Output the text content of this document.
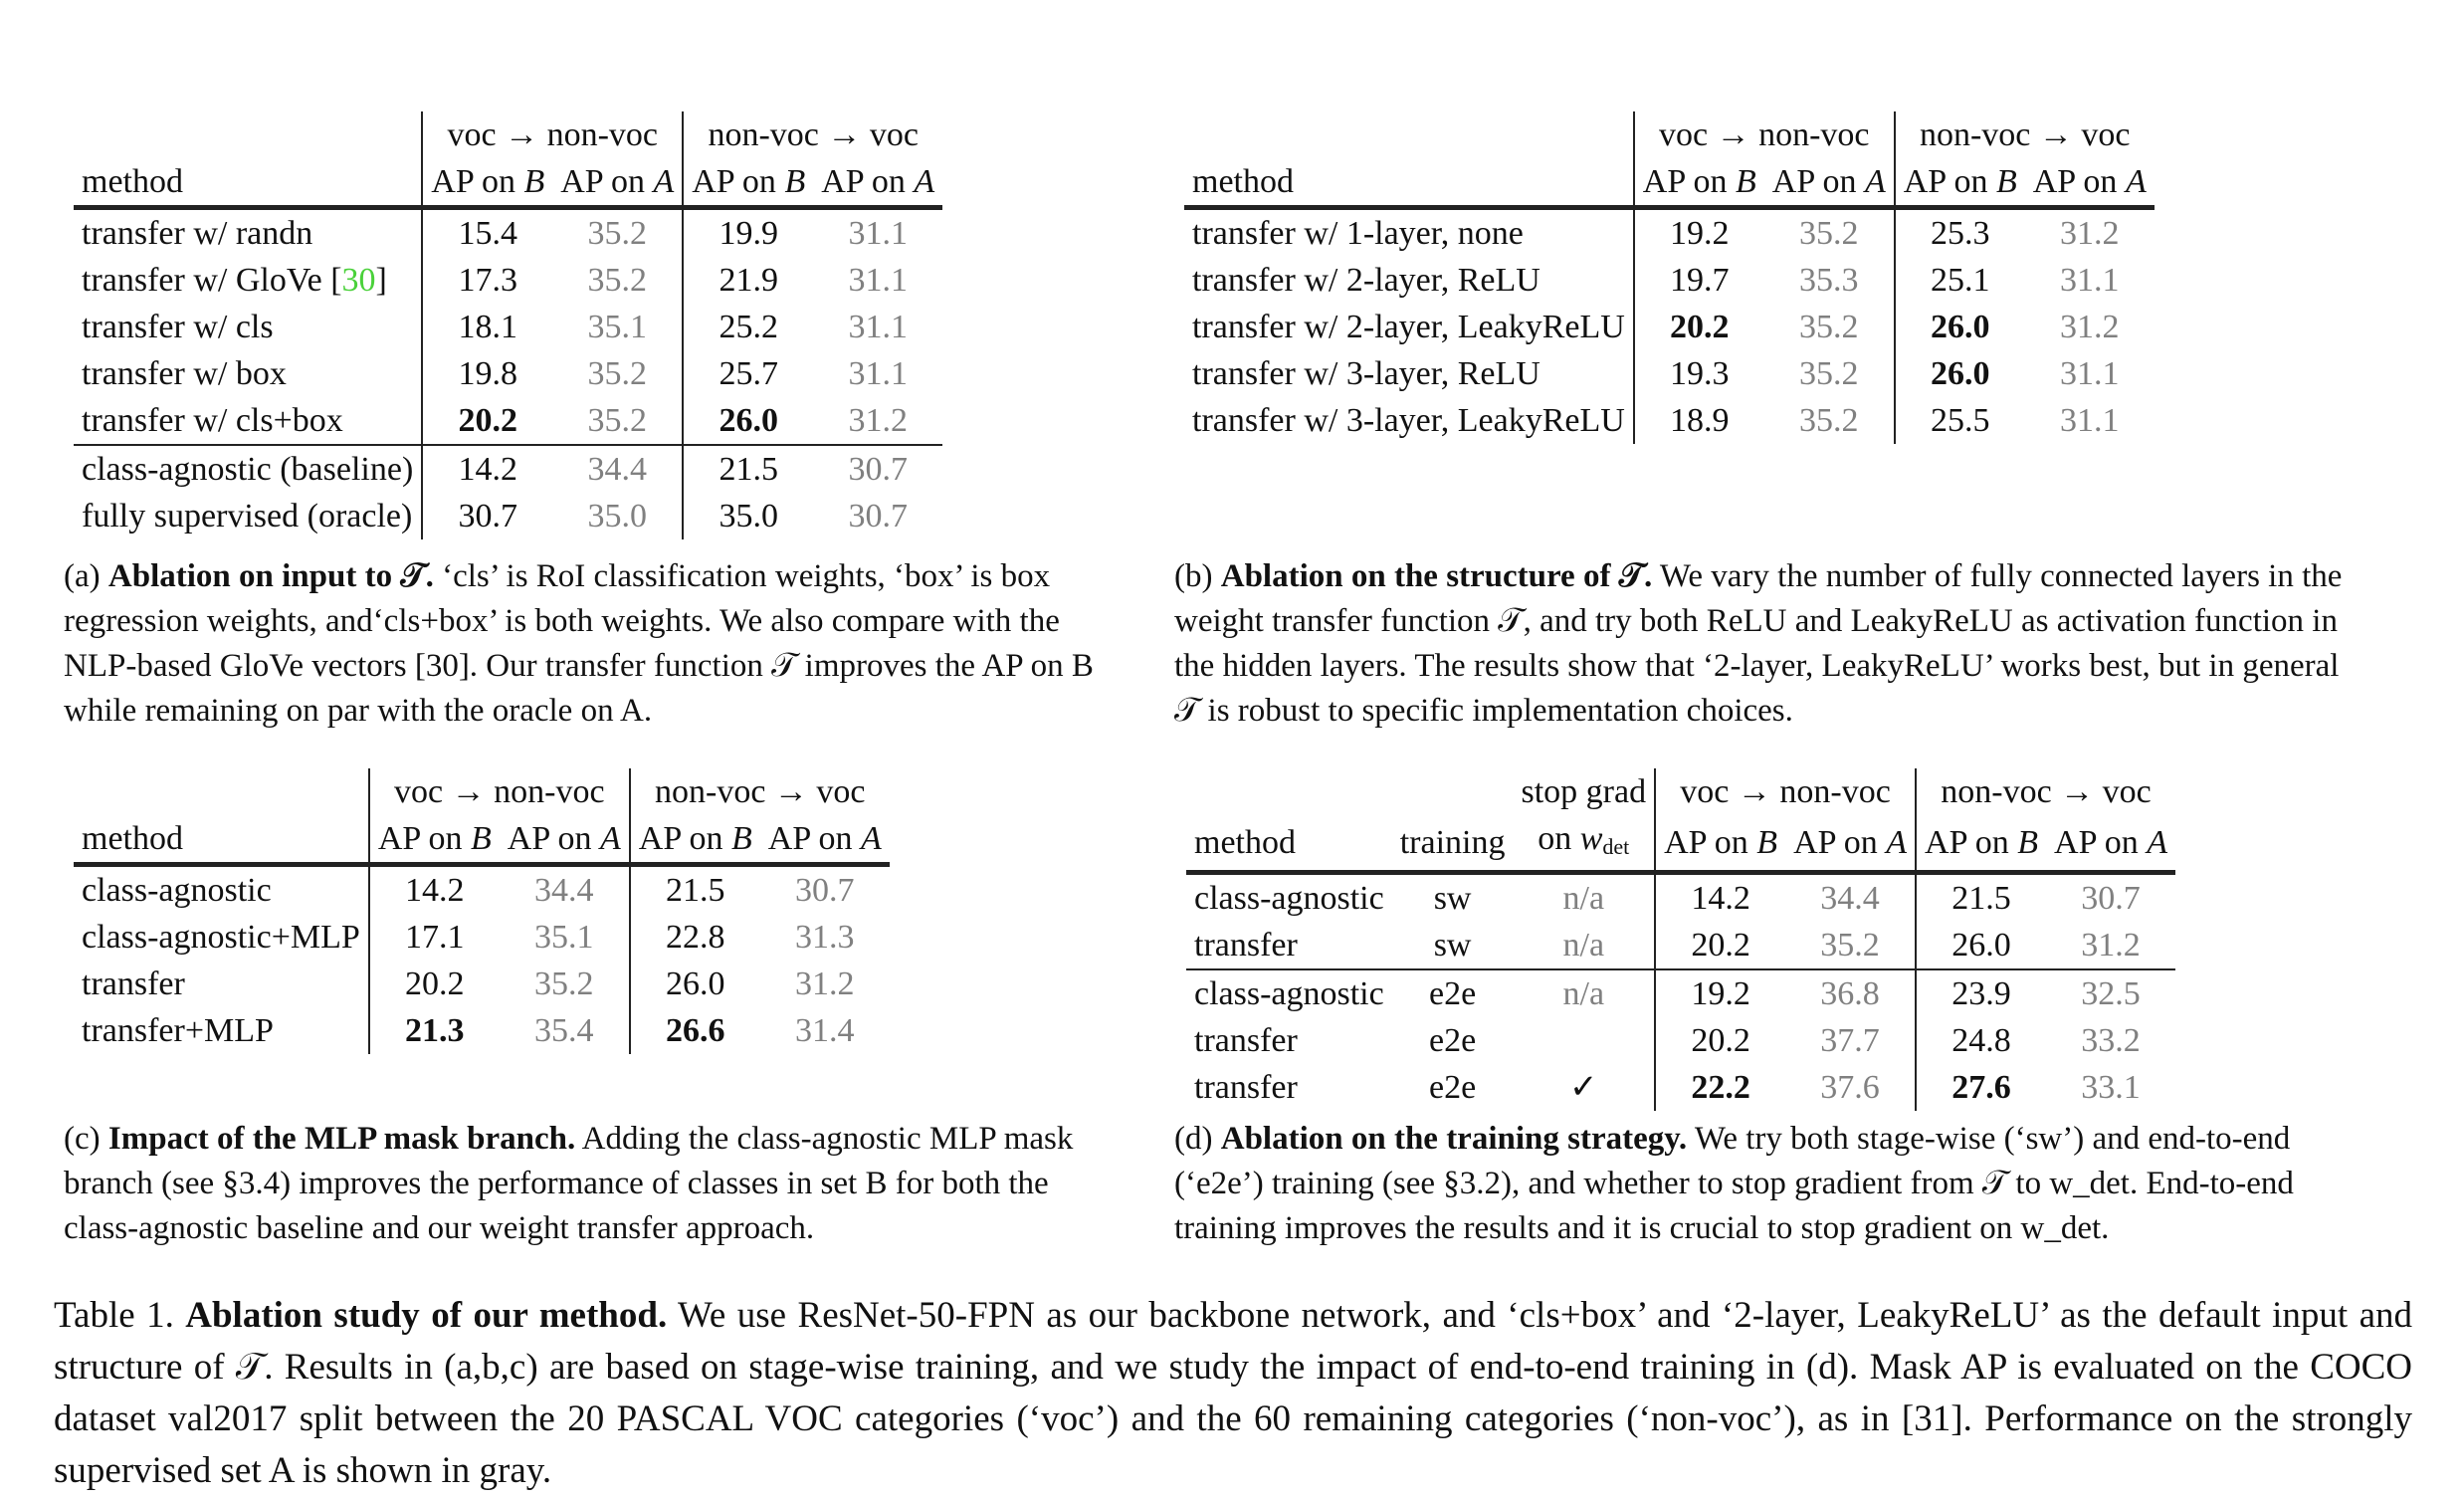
	voc → non-voc		non-voc → voc	
method	AP on B	AP on A	AP on B	AP on A
transfer w/ randn	15.4	35.2	19.9	31.1
transfer w/ GloVe [30]	17.3	35.2	21.9	31.1
transfer w/ cls	18.1	35.1	25.2	31.1
transfer w/ box	19.8	35.2	25.7	31.1
transfer w/ cls+box	20.2	35.2	26.0	31.2
class-agnostic (baseline)	14.2	34.4	21.5	30.7
fully supervised (oracle)	30.7	35.0	35.0	30.7
(a) Ablation on input to 𝒯. ‘cls’ is RoI classification weights, ‘box’ is box regression weights, and‘cls+box’ is both weights. We also compare with the NLP-based GloVe vectors [30]. Our transfer function 𝒯 improves the AP on B while remaining on par with the oracle on A.
	voc → non-voc		non-voc → voc	
method	AP on B	AP on A	AP on B	AP on A
transfer w/ 1-layer, none	19.2	35.2	25.3	31.2
transfer w/ 2-layer, ReLU	19.7	35.3	25.1	31.1
transfer w/ 2-layer, LeakyReLU	20.2	35.2	26.0	31.2
transfer w/ 3-layer, ReLU	19.3	35.2	26.0	31.1
transfer w/ 3-layer, LeakyReLU	18.9	35.2	25.5	31.1
(b) Ablation on the structure of 𝒯. We vary the number of fully connected layers in the weight transfer function 𝒯, and try both ReLU and LeakyReLU as activation function in the hidden layers. The results show that ‘2-layer, LeakyReLU’ works best, but in general 𝒯 is robust to specific implementation choices.
	voc → non-voc		non-voc → voc	
method	AP on B	AP on A	AP on B	AP on A
class-agnostic	14.2	34.4	21.5	30.7
class-agnostic+MLP	17.1	35.1	22.8	31.3
transfer	20.2	35.2	26.0	31.2
transfer+MLP	21.3	35.4	26.6	31.4
(c) Impact of the MLP mask branch. Adding the class-agnostic MLP mask branch (see §3.4) improves the performance of classes in set B for both the class-agnostic baseline and our weight transfer approach.
		stop grad	voc → non-voc		non-voc → voc	
method	training	on $w_{det}$	AP on B	AP on A	AP on B	AP on A
class-agnostic	sw	n/a	14.2	34.4	21.5	30.7
transfer	sw	n/a	20.2	35.2	26.0	31.2
class-agnostic	e2e	n/a	19.2	36.8	23.9	32.5
transfer	e2e		20.2	37.7	24.8	33.2
transfer	e2e	✓	22.2	37.6	27.6	33.1
(d) Ablation on the training strategy. We try both stage-wise (‘sw’) and end-to-end (‘e2e’) training (see §3.2), and whether to stop gradient from 𝒯 to w_det. End-to-end training improves the results and it is crucial to stop gradient on w_det.
Table 1. Ablation study of our method. We use ResNet-50-FPN as our backbone network, and ‘cls+box’ and ‘2-layer, LeakyReLU’ as the default input and structure of 𝒯. Results in (a,b,c) are based on stage-wise training, and we study the impact of end-to-end training in (d). Mask AP is evaluated on the COCO dataset val2017 split between the 20 PASCAL VOC categories (‘voc’) and the 60 remaining categories (‘non-voc’), as in [31]. Performance on the strongly supervised set A is shown in gray.
